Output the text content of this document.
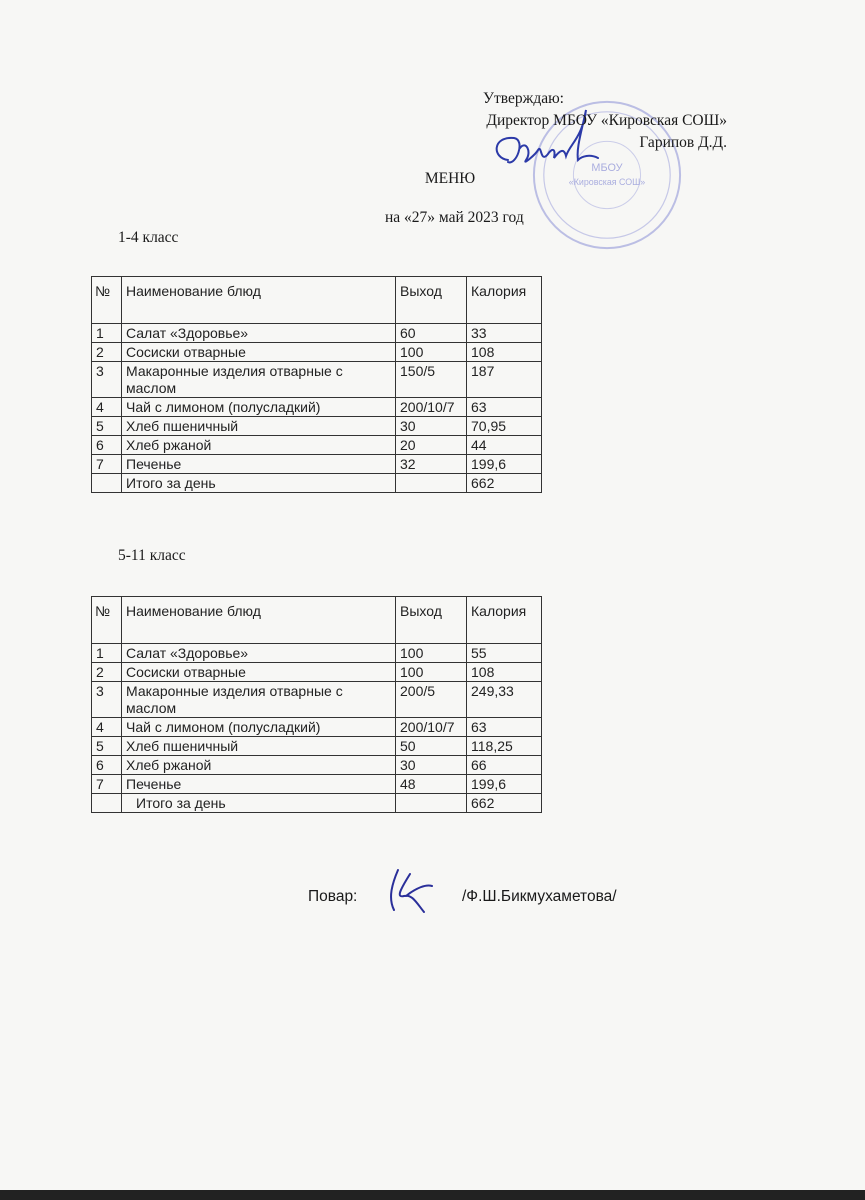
МБОУ
«Кировская СОШ»
Утверждаю:
Директор МБОУ «Кировская СОШ»
Гарипов Д.Д.
МЕНЮ
на «27» май 2023 год
1-4 класс
№	Наименование блюд	Выход	Калория
1	Салат «Здоровье»	60	33
2	Сосиски отварные	100	108
3	Макаронные изделия отварные с маслом	150/5	187
4	Чай с лимоном (полусладкий)	200/10/7	63
5	Хлеб пшеничный	30	70,95
6	Хлеб ржаной	20	44
7	Печенье	32	199,6
	Итого за день		662
5-11 класс
№	Наименование блюд	Выход	Калория
1	Салат «Здоровье»	100	55
2	Сосиски отварные	100	108
3	Макаронные изделия отварные с маслом	200/5	249,33
4	Чай с лимоном (полусладкий)	200/10/7	63
5	Хлеб пшеничный	50	118,25
6	Хлеб ржаной	30	66
7	Печенье	48	199,6
	Итого за день		662
Повар:	/Ф.Ш.Бикмухаметова/
